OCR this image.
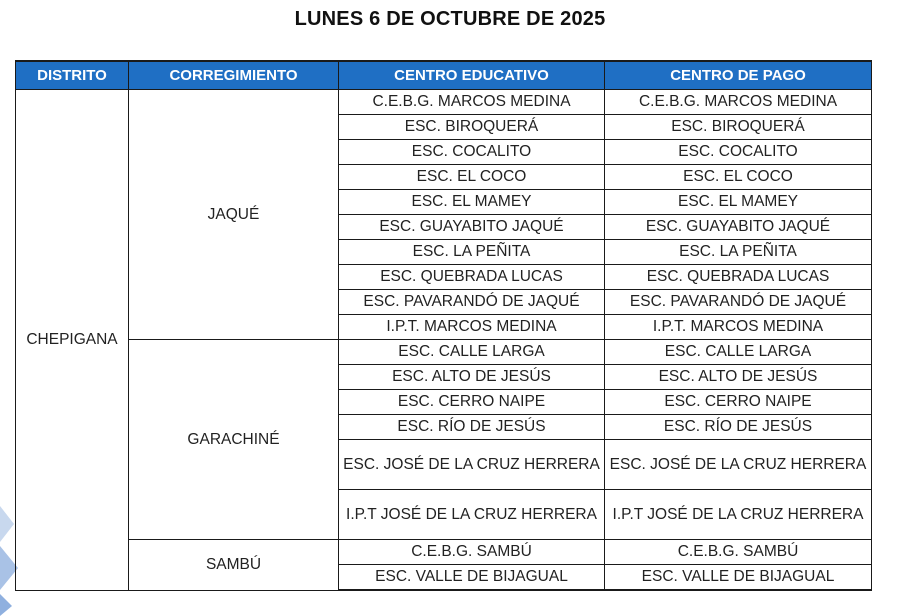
LUNES 6 DE OCTUBRE DE 2025
DISTRITO	CORREGIMIENTO	CENTRO EDUCATIVO	CENTRO DE PAGO
CHEPIGANA	JAQUÉ	C.E.B.G. MARCOS MEDINA	C.E.B.G. MARCOS MEDINA
		ESC. BIROQUERÁ	ESC. BIROQUERÁ
		ESC. COCALITO	ESC. COCALITO
		ESC. EL COCO	ESC. EL COCO
		ESC. EL MAMEY	ESC. EL MAMEY
		ESC. GUAYABITO JAQUÉ	ESC. GUAYABITO JAQUÉ
		ESC. LA PEÑITA	ESC. LA PEÑITA
		ESC. QUEBRADA LUCAS	ESC. QUEBRADA LUCAS
		ESC. PAVARANDÓ DE JAQUÉ	ESC. PAVARANDÓ DE JAQUÉ
		I.P.T. MARCOS MEDINA	I.P.T. MARCOS MEDINA
	GARACHINÉ	ESC. CALLE LARGA	ESC. CALLE LARGA
		ESC. ALTO DE JESÚS	ESC. ALTO DE JESÚS
		ESC. CERRO NAIPE	ESC. CERRO NAIPE
		ESC. RÍO DE JESÚS	ESC. RÍO DE JESÚS
		ESC. JOSÉ DE LA CRUZ HERRERA	ESC. JOSÉ DE LA CRUZ HERRERA
		I.P.T JOSÉ DE LA CRUZ HERRERA	I.P.T JOSÉ DE LA CRUZ HERRERA
	SAMBÚ	C.E.B.G. SAMBÚ	C.E.B.G. SAMBÚ
		ESC. VALLE DE BIJAGUAL	ESC. VALLE DE BIJAGUAL
